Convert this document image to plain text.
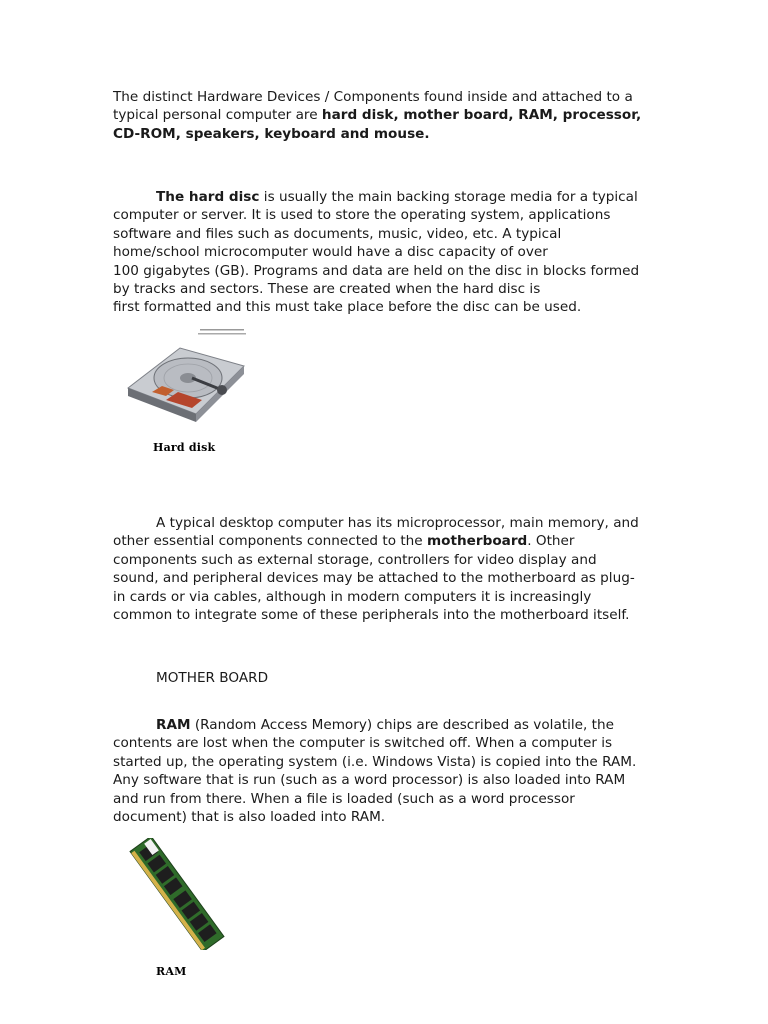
The distinct Hardware Devices / Components found inside and attached to a typical personal computer are hard disk, mother board, RAM, processor, CD-ROM, speakers, keyboard and mouse.

The hard disc is usually the main backing storage media for a typical
computer or server. It is used to store the operating system, applications
software and files such as documents, music, video, etc. A typical
home/school microcomputer would have a disc capacity of over
100 gigabytes (GB). Programs and data are held on the disc in blocks formed
by tracks and sectors. These are created when the hard disc is
first formatted and this must take place before the disc can be used.
Hard disk
A typical desktop computer has its microprocessor, main memory, and
other essential components connected to the motherboard. Other
components such as external storage, controllers for video display and
sound, and peripheral devices may be attached to the motherboard as plug-
in cards or via cables, although in modern computers it is increasingly
common to integrate some of these peripherals into the motherboard itself.
MOTHER BOARD
RAM (Random Access Memory) chips are described as volatile, the
contents are lost when the computer is switched off. When a computer is
started up, the operating system (i.e. Windows Vista) is copied into the RAM.
Any software that is run (such as a word processor) is also loaded into RAM
and run from there. When a file is loaded (such as a word processor
document) that is also loaded into RAM.
RAM
